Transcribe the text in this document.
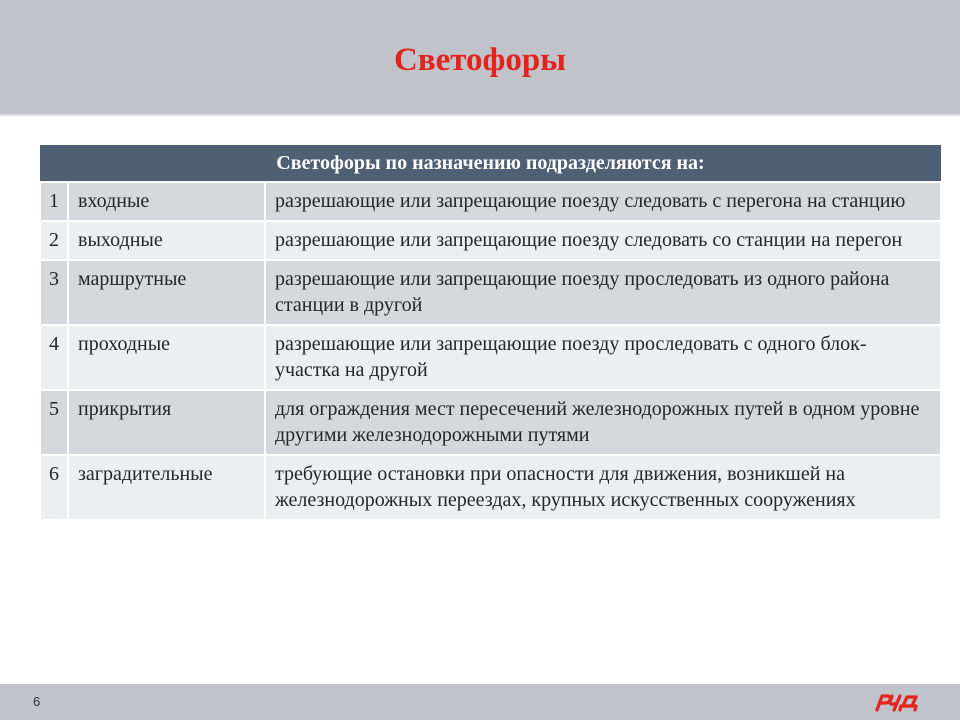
Светофоры
Светофоры по назначению подразделяются на:		
1	входные	разрешающие или запрещающие поезду следовать с перегона на станцию
2	выходные	разрешающие или запрещающие поезду следовать со станции на перегон
3	маршрутные	разрешающие или запрещающие поезду проследовать из одного района станции в другой
4	проходные	разрешающие или запрещающие поезду проследовать с одного блок-участка на другой
5	прикрытия	для ограждения мест пересечений железнодорожных путей в одном уровне другими железнодорожными путями
6	заградительные	требующие остановки при опасности для движения, возникшей на железнодорожных переездах, крупных искусственных сооружениях
6
